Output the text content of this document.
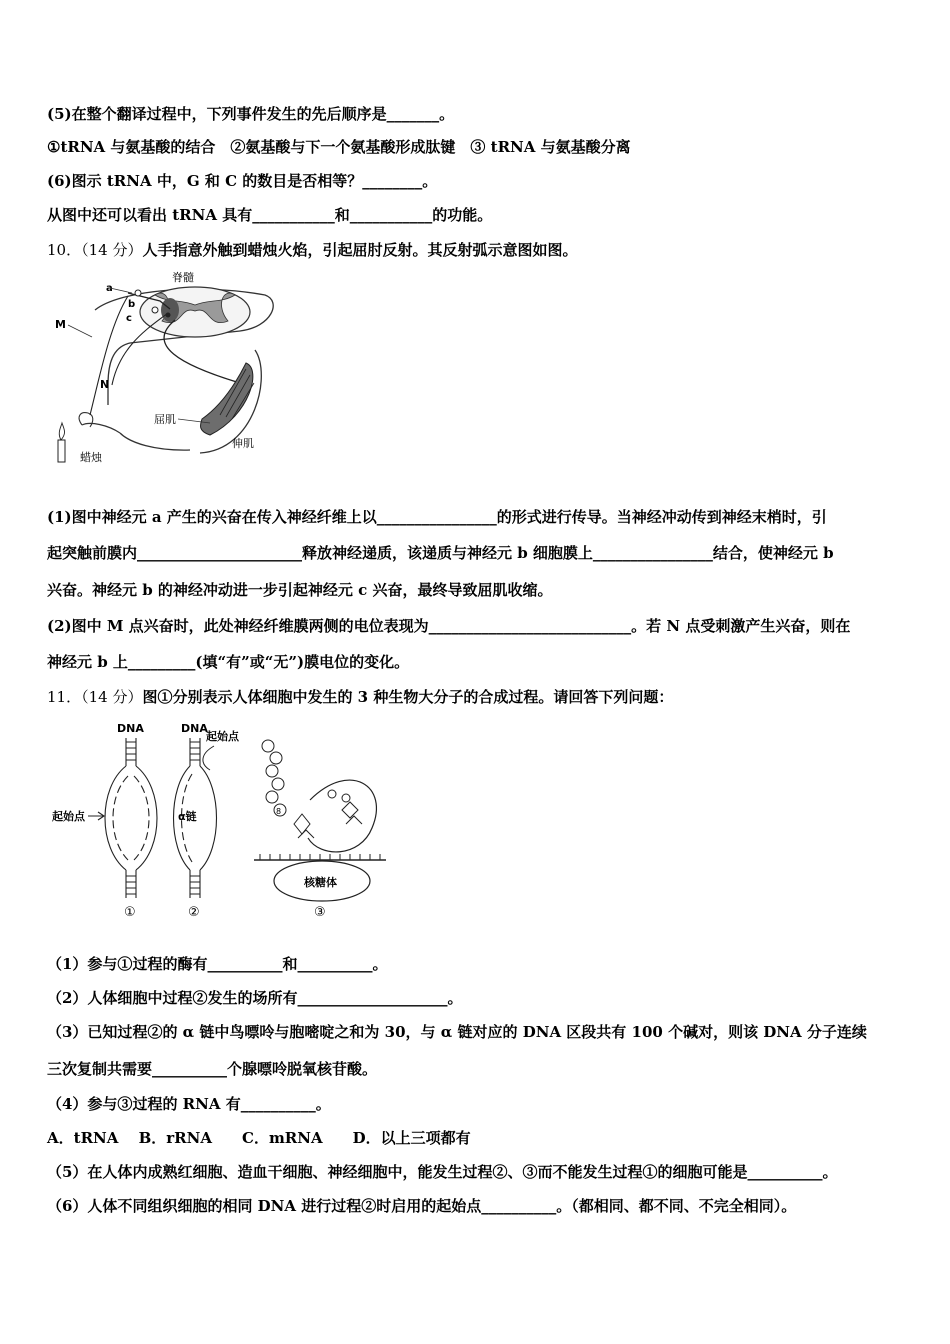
(5)在整个翻译过程中，下列事件发生的先后顺序是_______。
①tRNA 与氨基酸的结合　②氨基酸与下一个氨基酸形成肽键　③ tRNA 与氨基酸分离
(6)图示 tRNA 中，G 和 C 的数目是否相等？________。
从图中还可以看出 tRNA 具有___________和___________的功能。
10．（14 分）人手指意外触到蜡烛火焰，引起屈肘反射。其反射弧示意图如图。
脊髓
a
b
c
M
N
屈肌
伸肌
蜡烛
(1)图中神经元 a 产生的兴奋在传入神经纤维上以________________的形式进行传导。当神经冲动传到神经末梢时，引
起突触前膜内______________________释放神经递质，该递质与神经元 b 细胞膜上________________结合，使神经元 b
兴奋。神经元 b 的神经冲动进一步引起神经元 c 兴奋，最终导致屈肌收缩。
(2)图中 M 点兴奋时，此处神经纤维膜两侧的电位表现为___________________________。若 N 点受刺激产生兴奋，则在
神经元 b 上_________(填“有”或“无”)膜电位的变化。
11．（14 分）图①分别表示人体细胞中发生的 3 种生物大分子的合成过程。请回答下列问题：
DNA
起始点
①
DNA
起始点
α链
②
8
核糖体
③
（1）参与①过程的酶有__________和__________。
（2）人体细胞中过程②发生的场所有____________________。
（3）已知过程②的 α 链中鸟嘌呤与胞嘧啶之和为 30，与 α 链对应的 DNA 区段共有 100 个碱对，则该 DNA 分子连续
三次复制共需要__________个腺嘌呤脱氧核苷酸。
（4）参与③过程的 RNA 有__________。
A．tRNA　 B．rRNA　　C．mRNA　　D．以上三项都有
（5）在人体内成熟红细胞、造血干细胞、神经细胞中，能发生过程②、③而不能发生过程①的细胞可能是__________。
（6）人体不同组织细胞的相同 DNA 进行过程②时启用的起始点__________。（都相同、都不同、不完全相同）。
